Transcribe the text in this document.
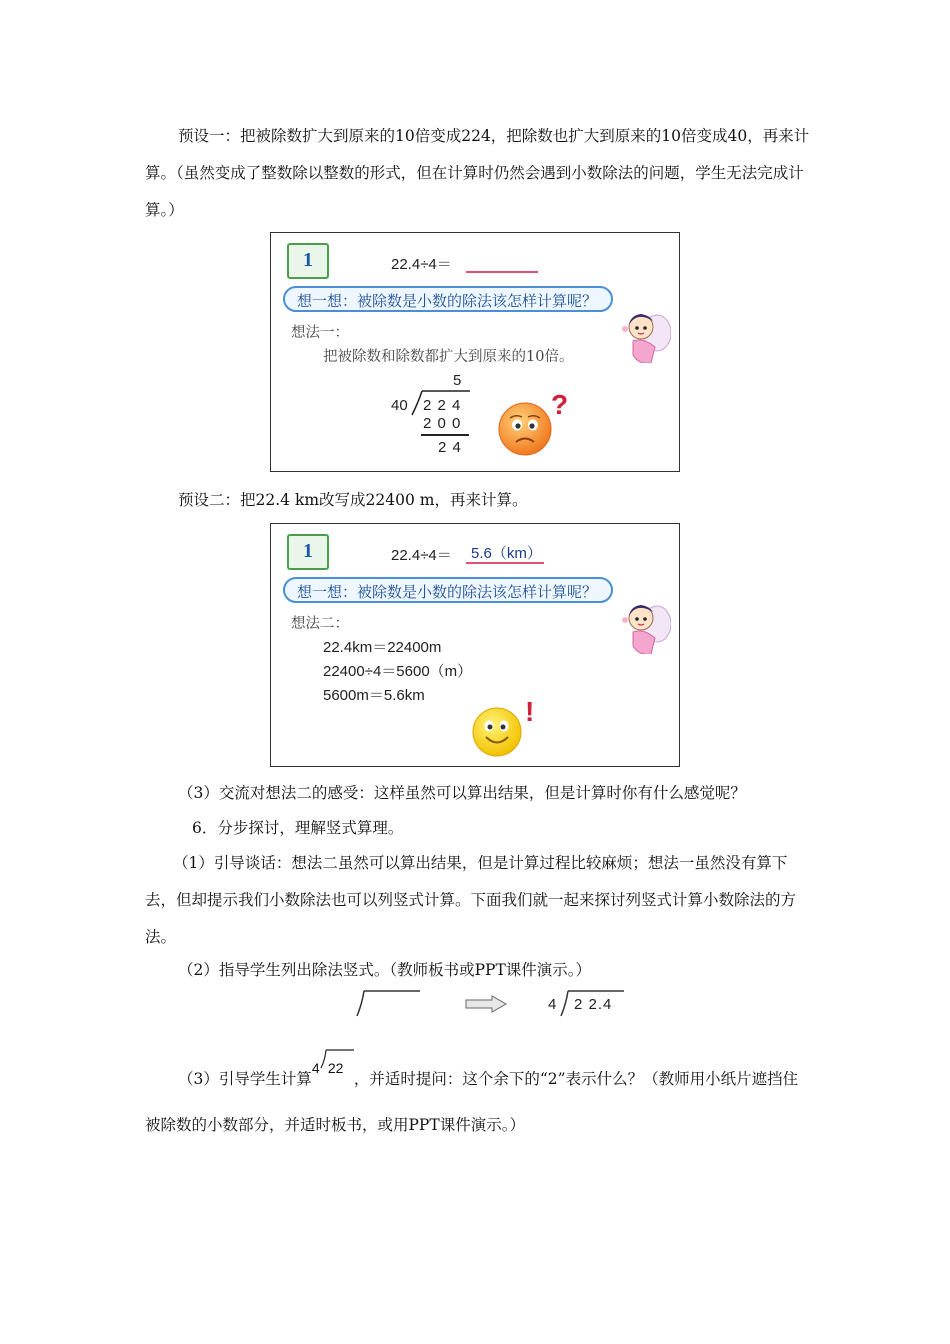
预设一：把被除数扩大到原来的10倍变成224，把除数也扩大到原来的10倍变成40，再来计算。（虽然变成了整数除以整数的形式，但在计算时仍然会遇到小数除法的问题，学生无法完成计算。）
1	22.4÷4＝
想一想：被除数是小数的除法该怎样计算呢？
想法一：
把被除数和除数都扩大到原来的10倍。
5
40 2 2 4
2 0 0
2 4
?
预设二：把22.4 km改写成22400 m，再来计算。
1	22.4÷4＝ 5.6（km）
想一想：被除数是小数的除法该怎样计算呢？
想法二：
22.4km＝22400m
22400÷4＝5600（m）
5600m＝5.6km
!
（3）交流对想法二的感受：这样虽然可以算出结果，但是计算时你有什么感觉呢？
6．分步探讨，理解竖式算理。
（1）引导谈话：想法二虽然可以算出结果，但是计算过程比较麻烦；想法一虽然没有算下去，但却提示我们小数除法也可以列竖式计算。下面我们就一起来探讨列竖式计算小数除法的方法。
（2）指导学生列出除法竖式。（教师板书或PPT课件演示。）
4 2 2.4
（3）引导学生计算
4 22
，并适时提问：这个余下的“2”表示什么？（教师用小纸片遮挡住被除数的小数部分，并适时板书，或用PPT课件演示。）
